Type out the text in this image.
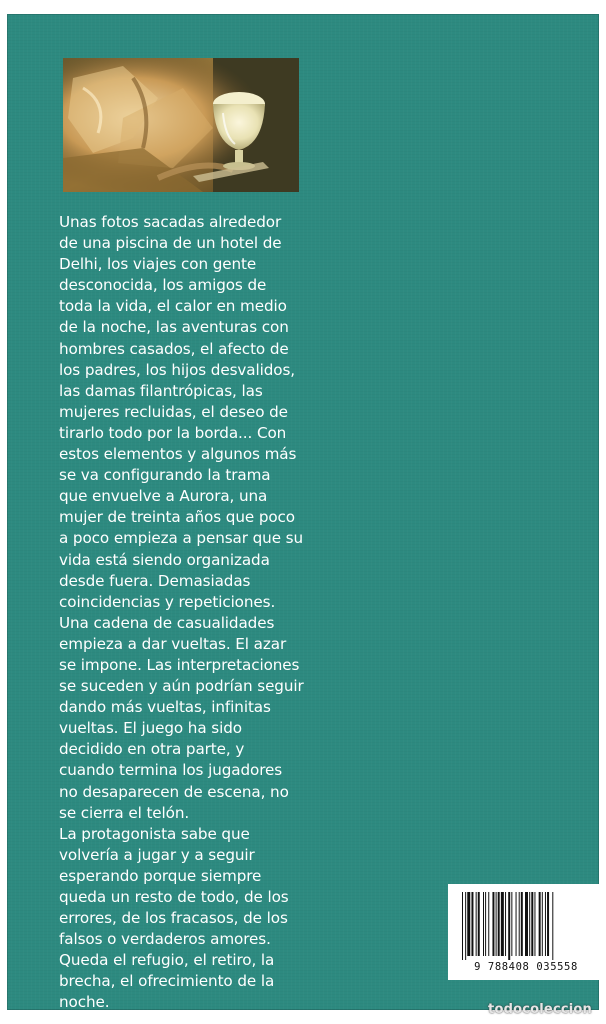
Unas fotos sacadas alrededor
de una piscina de un hotel de
Delhi, los viajes con gente
desconocida, los amigos de
toda la vida, el calor en medio
de la noche, las aventuras con
hombres casados, el afecto de
los padres, los hijos desvalidos,
las damas filantrópicas, las
mujeres recluidas, el deseo de
tirarlo todo por la borda... Con
estos elementos y algunos más
se va configurando la trama
que envuelve a Aurora, una
mujer de treinta años que poco
a poco empieza a pensar que su
vida está siendo organizada
desde fuera. Demasiadas
coincidencias y repeticiones.
Una cadena de casualidades
empieza a dar vueltas. El azar
se impone. Las interpretaciones
se suceden y aún podrían seguir
dando más vueltas, infinitas
vueltas. El juego ha sido
decidido en otra parte, y
cuando termina los jugadores
no desaparecen de escena, no
se cierra el telón.
La protagonista sabe que
volvería a jugar y a seguir
esperando porque siempre
queda un resto de todo, de los
errores, de los fracasos, de los
falsos o verdaderos amores.
Queda el refugio, el retiro, la
brecha, el ofrecimiento de la
noche.
9 788408 035558
todocoleccion
